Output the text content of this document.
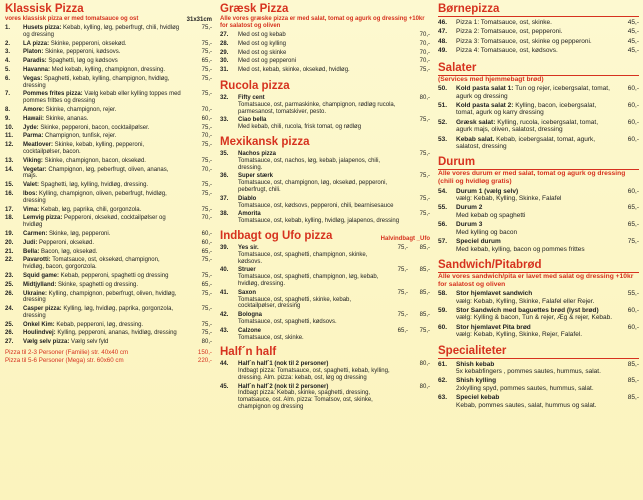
Klassisk Pizza
vores klassisk pizza er med tomatsauce og ost	31x31cm
1.	Husets pizza: Kebab, kylling, løg, peberfrugt, chili, hvidløg og dressing
75,-
2.	LA pizza: Skinke, pepperoni, oksekød.	75,-
3.	Platon: Skinke, pepperoni, kødsovs.	75,-
4.	Paradis: Spaghetti, løg og kødsovs	65,-
5.	Havanna: Med kebab, kylling, champignon, dressing.	75,-
6.	Vegas: Spaghetti, kebab, kylling, champignon, hvidløg, dressing
75,-
7.	Pommes frites pizza: Vælg kebab eller kylling toppes med pommes frittes og dressing
75,-
8.	Amore: Skinke, champignon, rejer.	70,-
9.	Hawaii: Skinke, ananas.	60,-
10.	Jyde: Skinke, pepperoni, bacon, cocktailpølser.	75,-
11.	Parma: Champignon, tunfisk, rejer.	70,-
12.	Meatlover: Skinke, kebab, kylling, pepperoni, cocktailpølser, bacon.
75,-
13.	Viking: Skinke, champignon, bacon, oksekød.	75,-
14.	Vegetar: Champignon, løg, peberfrugt, oliven, ananas, majs.
70,-
15.	Valet: Spaghetti, løg, kylling, hvidløg, dressing.	75,-
16.	Ibos: Kylling, champignon, oliven, peberfrugt, hvidløg, dressing
75,-
17.	Vima: Kebab, løg, paprika, chili, gorgonzola.	75,-
18.	Lemvig pizza: Pepperoni, oksekød, cocktailpølser og hvidløg
70,-
19.	Carmen: Skinke, løg, pepperoni.	60,-
20.	Judi: Pepperoni, oksekød.	60,-
21.	Bella: Bacon, løg, oksekød.	65,-
22.	Pavarotti: Tomatsauce, ost, oksekød, champignon, hvidløg, bacon, gorgonzola.
75,-
23.	Squid game: Kebab, pepperoni, spaghetti og dressing	75,-
25.	Midtjylland: Skinke, spaghetti og dressing.	65,-
26.	Ukraine: Kylling, champignon, peberfrugt, oliven, hvidløg, dressing
75,-
24.	Casper pizza: Kylling, løg, hvidløg, paprika, gorgonzola, dressing
75,-
25.	Onkel Kim: Kebab, pepperoni, løg, dressing.	75,-
26.	Houlindvej: Kylling, pepperoni, ananas, hvidløg, dressing	75,-
27.	Vælg selv pizza: Vælg selv fyld	80,-
Pizza til 2-3 Personer (Familie) str. 40x40 cm	150,-
Pizza til 5-6 Personer (Mega) str. 60x60 cm	220,-
Græsk Pizza
Alle vores græske pizza er med salat, tomat og agurk og dressing +10kr for salatost og oliven
27.	Med ost og kebab	70,-
28.	Med ost og kylling	70,-
29.	Med ost og skinke	70,-
30.	Med ost og pepperoni	70,-
31.	Med ost, kebab, skinke, oksekød, hvidløg.	75,-
Rucola pizza
32.	Fifty cent
Tomatsauce, ost, parmaskinke, champignon, rødløg rucola, parmesanost, tomatskiver, pesto.
80,-
33.	Ciao bella
Med kebab, chili, rucola, frisk tomat, og rødløg
75,-
Mexikansk pizza
35.	Nachos pizza
Tomatsauce, ost, nachos, løg, kebab, jalapenos, chili, dressing.
75,-
36.	Super stærk
Tomatsauce, ost, champignon, løg, oksekød, pepperoni, peberfrugt, chili.
75,-
37.	Diablo
Tomatsauce, ost, kødsovs, pepperoni, chili, bearnisesauce
75,-
38.	Amorita
Tomatsauce, ost, kebab, kylling, hvidløg, jalapenos, dressing
75,-
Indbagt og Ufo pizza	Halvindbagt _Ufo
39.	Yes sir.
Tomatsauce, ost, spaghetti, champignon, skinke, kødsovs.
75,-	85,-
40.	Struer
Tomatsauce, ost, spaghetti, champignon, løg, kebab, hvidløg, dressing.
75,-	85,-
41.	Saxon
Tomatsauce, ost, spaghetti, skinke, kebab, cocktailpølser, dressing
75,-	85,-
42.	Bologna
Tomatsauce, ost, spaghetti, kødsovs.
75,-	85,-
43.	Calzone
Tomatsauce, ost, skinke.
65,-	75,-
Half´n half
44.	Half´n half´1 (nok til 2 personer)
Indbagt pizza: Tomatsauce, ost, spaghetti, kebab, kylling, dressing. Alm. pizza: kebab, ost, løg og dressing
80,-
45.	Half´n half´2 (nok til 2 personer)
Indbagt pizza: Kebab, skinke, spaghetti, dressing, tomatsauce, ost. Alm. pizza: Tomatsov, ost, skinke, champignon og dressing
80,-
Børnepizza
46.	Pizza 1: Tomatsauce, ost, skinke.	45,-
47.	Pizza 2: Tomatsauce, ost, pepperoni.	45,-
48.	Pizza 3: Tomatsauce, ost, skinke og pepperoni.	45,-
49.	Pizza 4: Tomatsauce, ost, kødsovs.	45,-
Salater
(Services med hjemmebagt brød)
50.	Kold pasta salat 1: Tun og rejer, icebergsalat, tomat, agurk og dressing
60,-
51.	Kold pasta salat 2: Kylling, bacon, icebergsalat, tomat, agurk og karry dressing
60,-
52.	Græsk salat: Kylling, rucola, icebergsalat, tomat, agurk majs, oliven, salatost, dressing
60,-
53.	Kebab salat. Kebab, icebergsalat, tomat, agurk, salatost, dressing
60,-
Durum
Alle vores durum er med salat, tomat og agurk og dressing (chili og hvidløg gratis)
54.	Durum 1 (vælg selv)
vælg: Kebab, Kylling, Skinke, Falafel
60,-
55.	Durum 2
Med kebab og spaghetti
65,-
56.	Durum 3
Med kylling og bacon
65,-
57.	Speciel durum
Med kebab, kylling, bacon og pommes frittes
75,-
Sandwich/Pitabrød
Alle vores sandwich/pita er lavet med salat og dressing +10kr for salatost og oliven
58.	Stor hjemlavet sandwich
vælg: Kebab, Kylling, Skinke, Falafel eller Rejer.
55,-
59.	Stor Sandwich med baguettes brød (lyst brød)
vælg: Kylling & bacon, Tun & rejer, Æg & rejer, Kebab.
60,-
60.	Stor hjemlavet Pita brød
vælg: Kebab, Kylling, Skinke, Rejer, Falafel.
60,-
Specialiteter
61.	Shish kebab
5x kebabfingers , pommes sautes, hummus, salat.
85,-
62.	Shish kylling
2xkylling spyd, pommes sautes, hummus, salat.
85,-
63.	Speciel kebab
Kebab, pommes sautes, salat, hummus og salat.
85,-
